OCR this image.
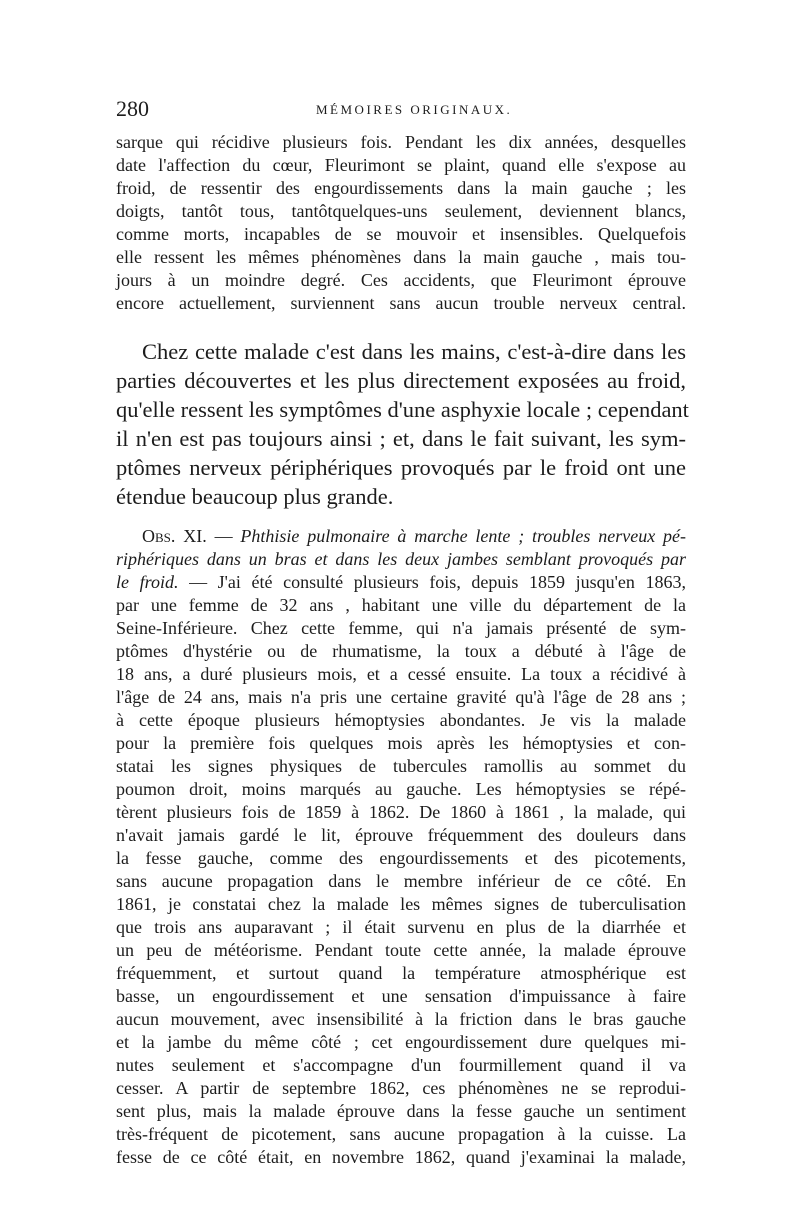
280	MÉMOIRES ORIGINAUX.
sarque qui récidive plusieurs fois. Pendant les dix années, desquelles
date l'affection du cœur, Fleurimont se plaint, quand elle s'expose au
froid, de ressentir des engourdissements dans la main gauche ; les
doigts, tantôt tous, tantôtquelques-uns seulement, deviennent blancs,
comme morts, incapables de se mouvoir et insensibles. Quelquefois
elle ressent les mêmes phénomènes dans la main gauche , mais tou-
jours à un moindre degré. Ces accidents, que Fleurimont éprouve
encore actuellement, surviennent sans aucun trouble nerveux central.
Chez cette malade c'est dans les mains, c'est-à-dire dans les
parties découvertes et les plus directement exposées au froid,
qu'elle ressent les symptômes d'une asphyxie locale ; cependant
il n'en est pas toujours ainsi ; et, dans le fait suivant, les sym-
ptômes nerveux périphériques provoqués par le froid ont une
étendue beaucoup plus grande.
Obs. XI. — Phthisie pulmonaire à marche lente ; troubles nerveux pé-
riphériques dans un bras et dans les deux jambes semblant provoqués par
le froid. — J'ai été consulté plusieurs fois, depuis 1859 jusqu'en 1863,
par une femme de 32 ans , habitant une ville du département de la
Seine-Inférieure. Chez cette femme, qui n'a jamais présenté de sym-
ptômes d'hystérie ou de rhumatisme, la toux a débuté à l'âge de
18 ans, a duré plusieurs mois, et a cessé ensuite. La toux a récidivé à
l'âge de 24 ans, mais n'a pris une certaine gravité qu'à l'âge de 28 ans ;
à cette époque plusieurs hémoptysies abondantes. Je vis la malade
pour la première fois quelques mois après les hémoptysies et con-
statai les signes physiques de tubercules ramollis au sommet du
poumon droit, moins marqués au gauche. Les hémoptysies se répé-
tèrent plusieurs fois de 1859 à 1862. De 1860 à 1861 , la malade, qui
n'avait jamais gardé le lit, éprouve fréquemment des douleurs dans
la fesse gauche, comme des engourdissements et des picotements,
sans aucune propagation dans le membre inférieur de ce côté. En
1861, je constatai chez la malade les mêmes signes de tuberculisation
que trois ans auparavant ; il était survenu en plus de la diarrhée et
un peu de météorisme. Pendant toute cette année, la malade éprouve
fréquemment, et surtout quand la température atmosphérique est
basse, un engourdissement et une sensation d'impuissance à faire
aucun mouvement, avec insensibilité à la friction dans le bras gauche
et la jambe du même côté ; cet engourdissement dure quelques mi-
nutes seulement et s'accompagne d'un fourmillement quand il va
cesser. A partir de septembre 1862, ces phénomènes ne se reprodui-
sent plus, mais la malade éprouve dans la fesse gauche un sentiment
très-fréquent de picotement, sans aucune propagation à la cuisse. La
fesse de ce côté était, en novembre 1862, quand j'examinai la malade,
